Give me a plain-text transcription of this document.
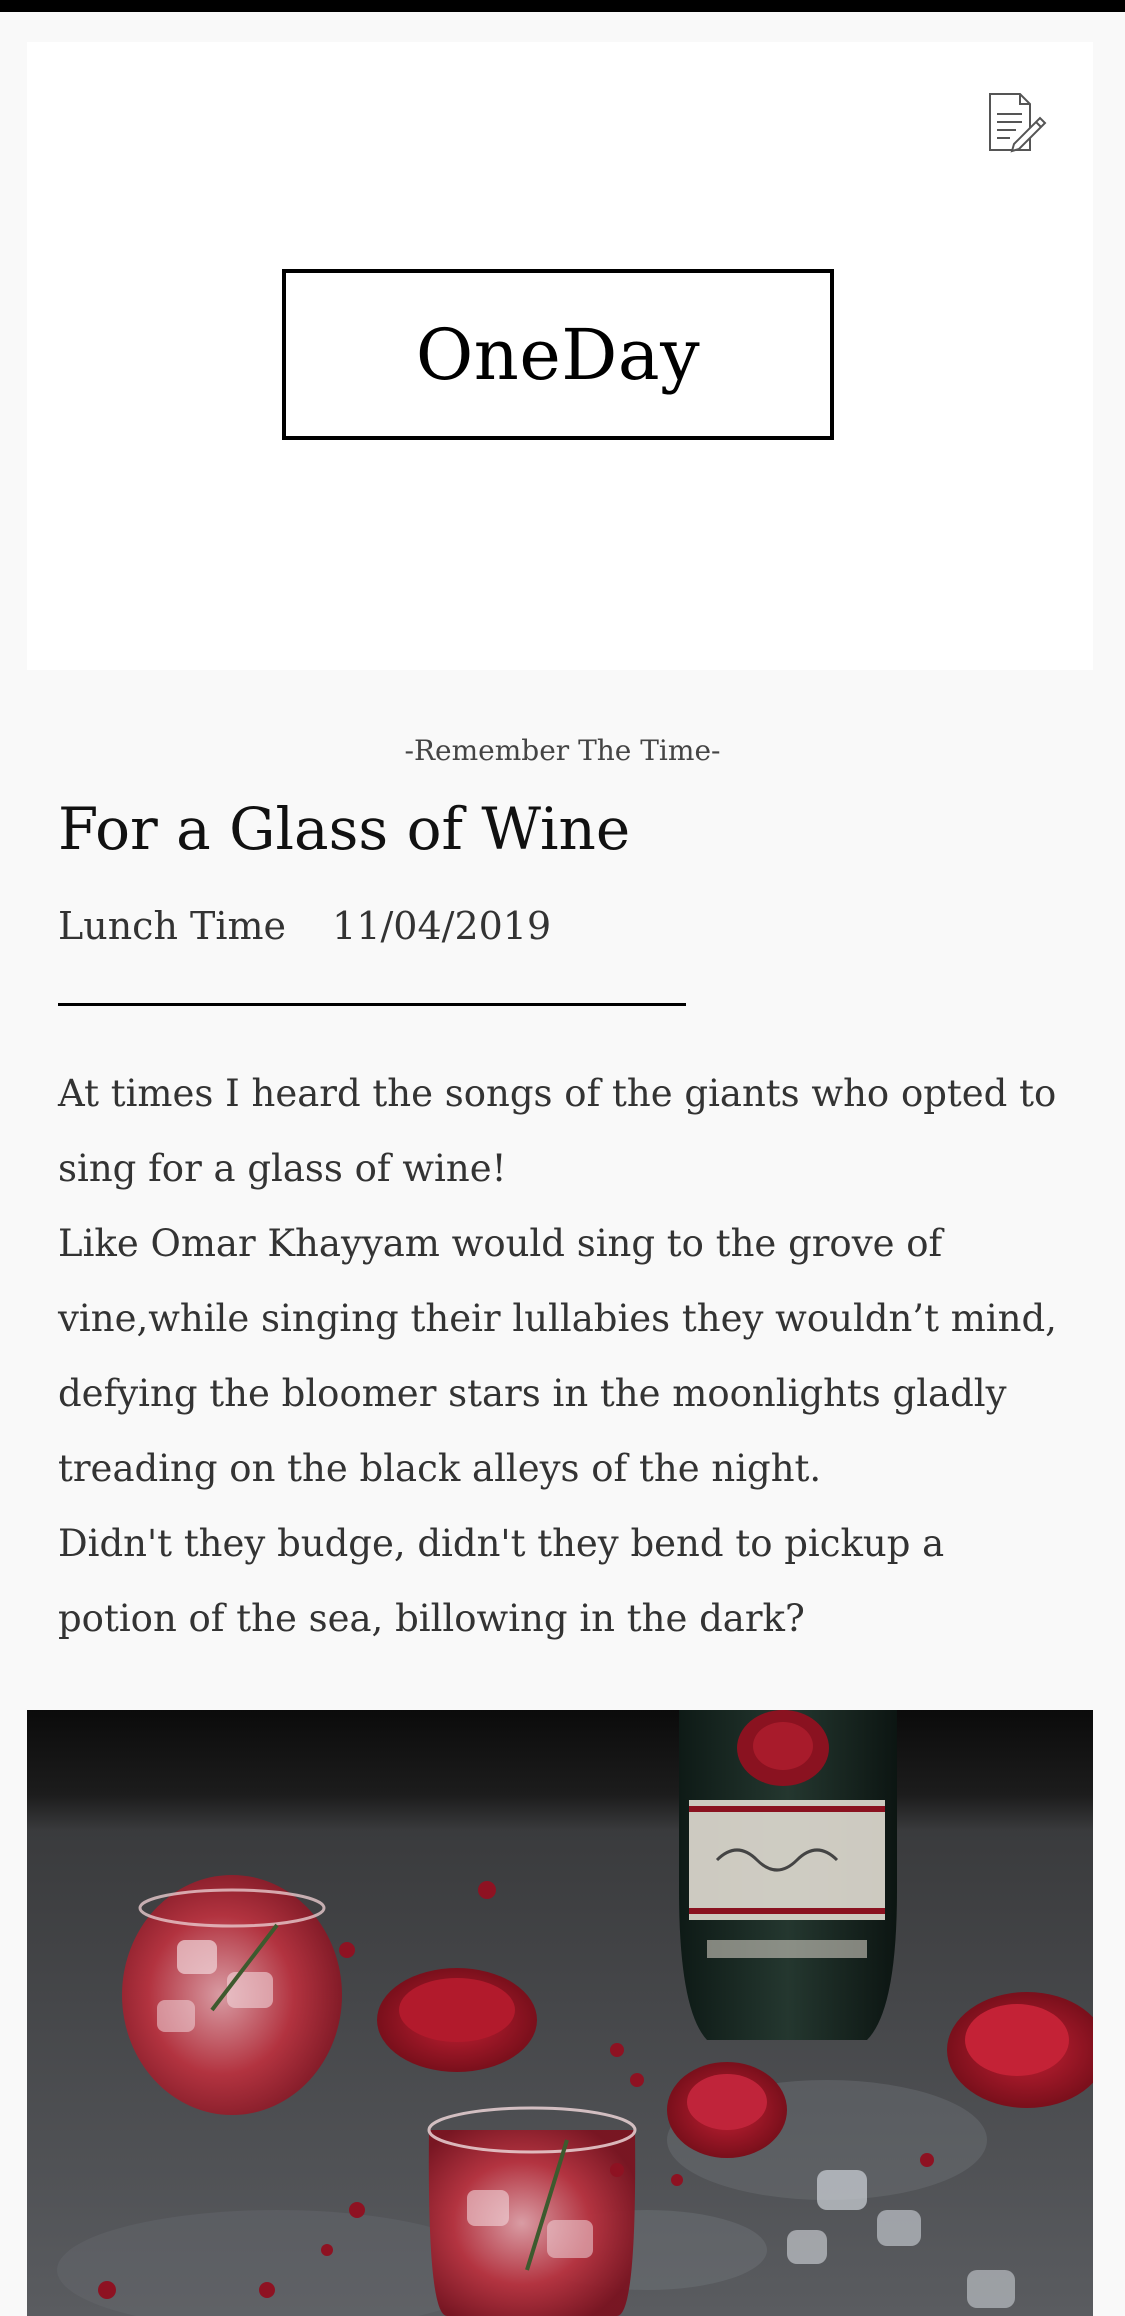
OneDay
-Remember The Time-
For a Glass of Wine
Lunch Time 11/04/2019

At times I heard the songs of the giants who opted to sing for a glass of wine!

Like Omar Khayyam would sing to the grove of vine,while singing their lullabies they wouldn’t mind, defying the bloomer stars in the moonlights gladly treading on the black alleys of the night.

Didn't they budge, didn't they bend to pickup a potion of the sea, billowing in the dark?
